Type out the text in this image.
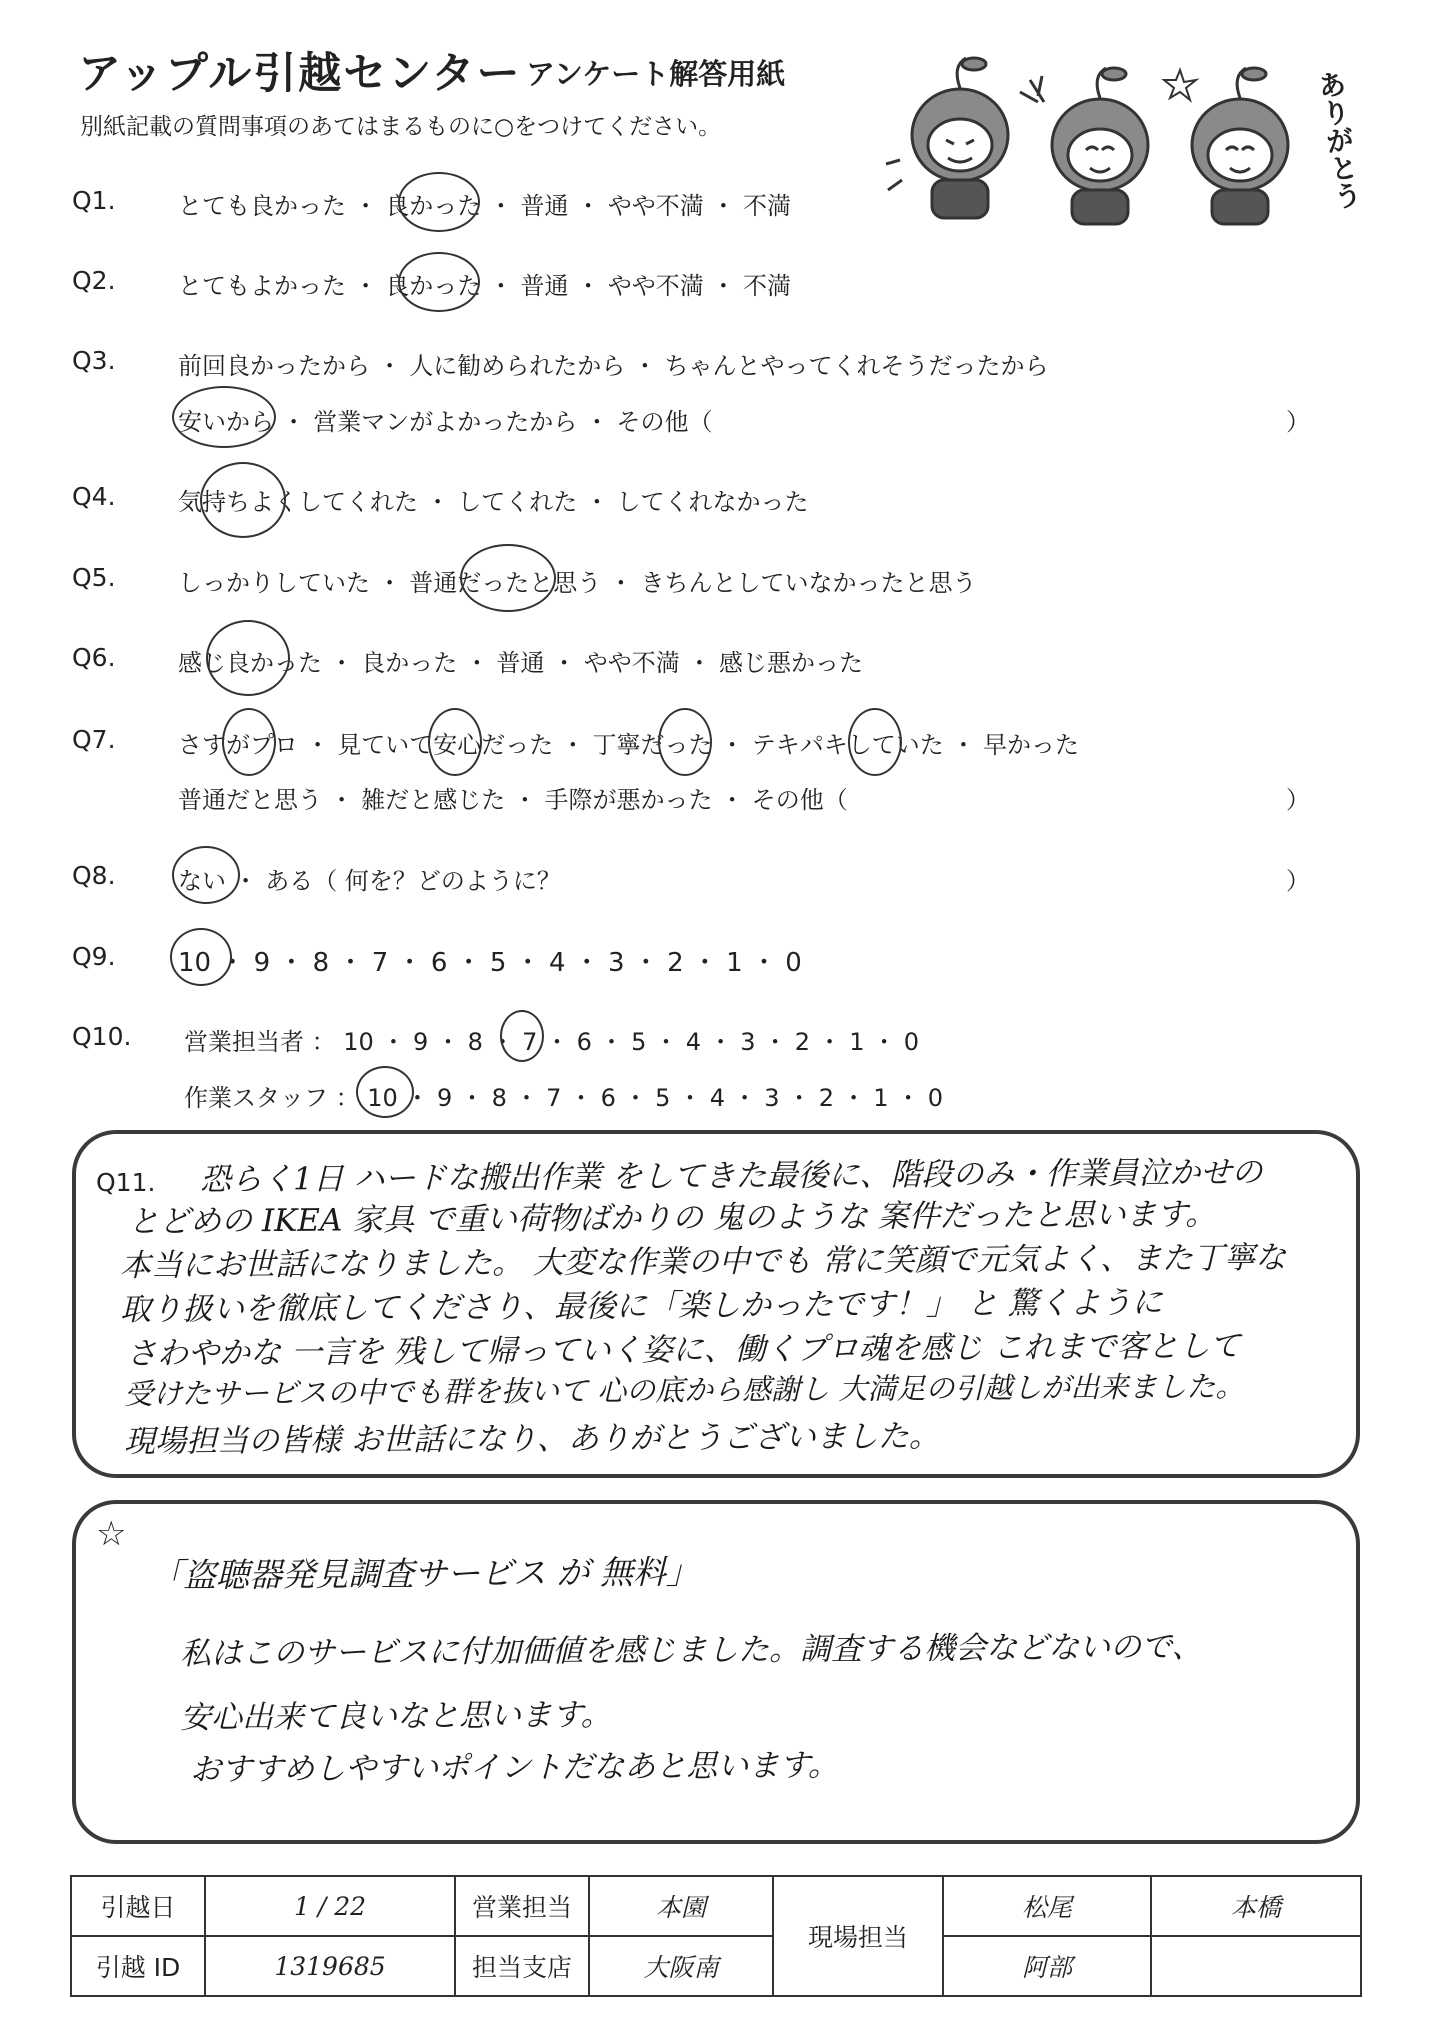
アップル引越センター アンケート解答用紙
別紙記載の質問事項のあてはまるものに○をつけてください。	ありがとう
Q1.	とても良かった ・ 良かった ・ 普通 ・ やや不満 ・ 不満
Q2.	とてもよかった ・ 良かった ・ 普通 ・ やや不満 ・ 不満
Q3.	前回良かったから ・ 人に勧められたから ・ ちゃんとやってくれそうだったから
安いから ・ 営業マンがよかったから ・ その他（	）
Q4.	気持ちよくしてくれた ・ してくれた ・ してくれなかった
Q5.	しっかりしていた ・ 普通だったと思う ・ きちんとしていなかったと思う
Q6.	感じ良かった ・ 良かった ・ 普通 ・ やや不満 ・ 感じ悪かった
Q7.	さすがプロ ・ 見ていて安心だった ・ 丁寧だった ・ テキパキしていた ・ 早かった
普通だと思う ・ 雑だと感じた ・ 手際が悪かった ・ その他（	）
Q8.	ない ・ ある（ 何を？どのように？	）
Q9. 10 ・ 9 ・ 8 ・ 7 ・ 6 ・ 5 ・ 4 ・ 3 ・ 2 ・ 1 ・ 0
Q10. 営業担当者 ： 10 ・ 9 ・ 8 ・ 7 ・ 6 ・ 5 ・ 4 ・ 3 ・ 2 ・ 1 ・ 0
作業スタッフ ： 10 ・ 9 ・ 8 ・ 7 ・ 6 ・ 5 ・ 4 ・ 3 ・ 2 ・ 1 ・ 0
Q11. 恐らく1日 ハードな搬出作業 をしてきた最後に、階段のみ・作業員泣かせの
とどめの IKEA 家具 で重い荷物ばかりの 鬼のような 案件だったと思います。
本当にお世話になりました。 大変な作業の中でも 常に笑顔で元気よく、また丁寧な
取り扱いを徹底してくださり、最後に「楽しかったです！」 と 驚くように
さわやかな 一言を 残して帰っていく姿に、働くプロ魂を感じ これまで客として
受けたサービスの中でも群を抜いて 心の底から感謝し 大満足の引越しが出来ました。
現場担当の皆様 お世話になり、ありがとうございました。
☆
「盗聴器発見調査サービス が 無料」
私はこのサービスに付加価値を感じました。調査する機会などないので、
安心出来て良いなと思います。
おすすめしやすいポイントだなあと思います。
引越日	1 / 22	営業担当	本園	現場担当	松尾	本橋
引越 ID	1319685	担当支店	大阪南		阿部	
